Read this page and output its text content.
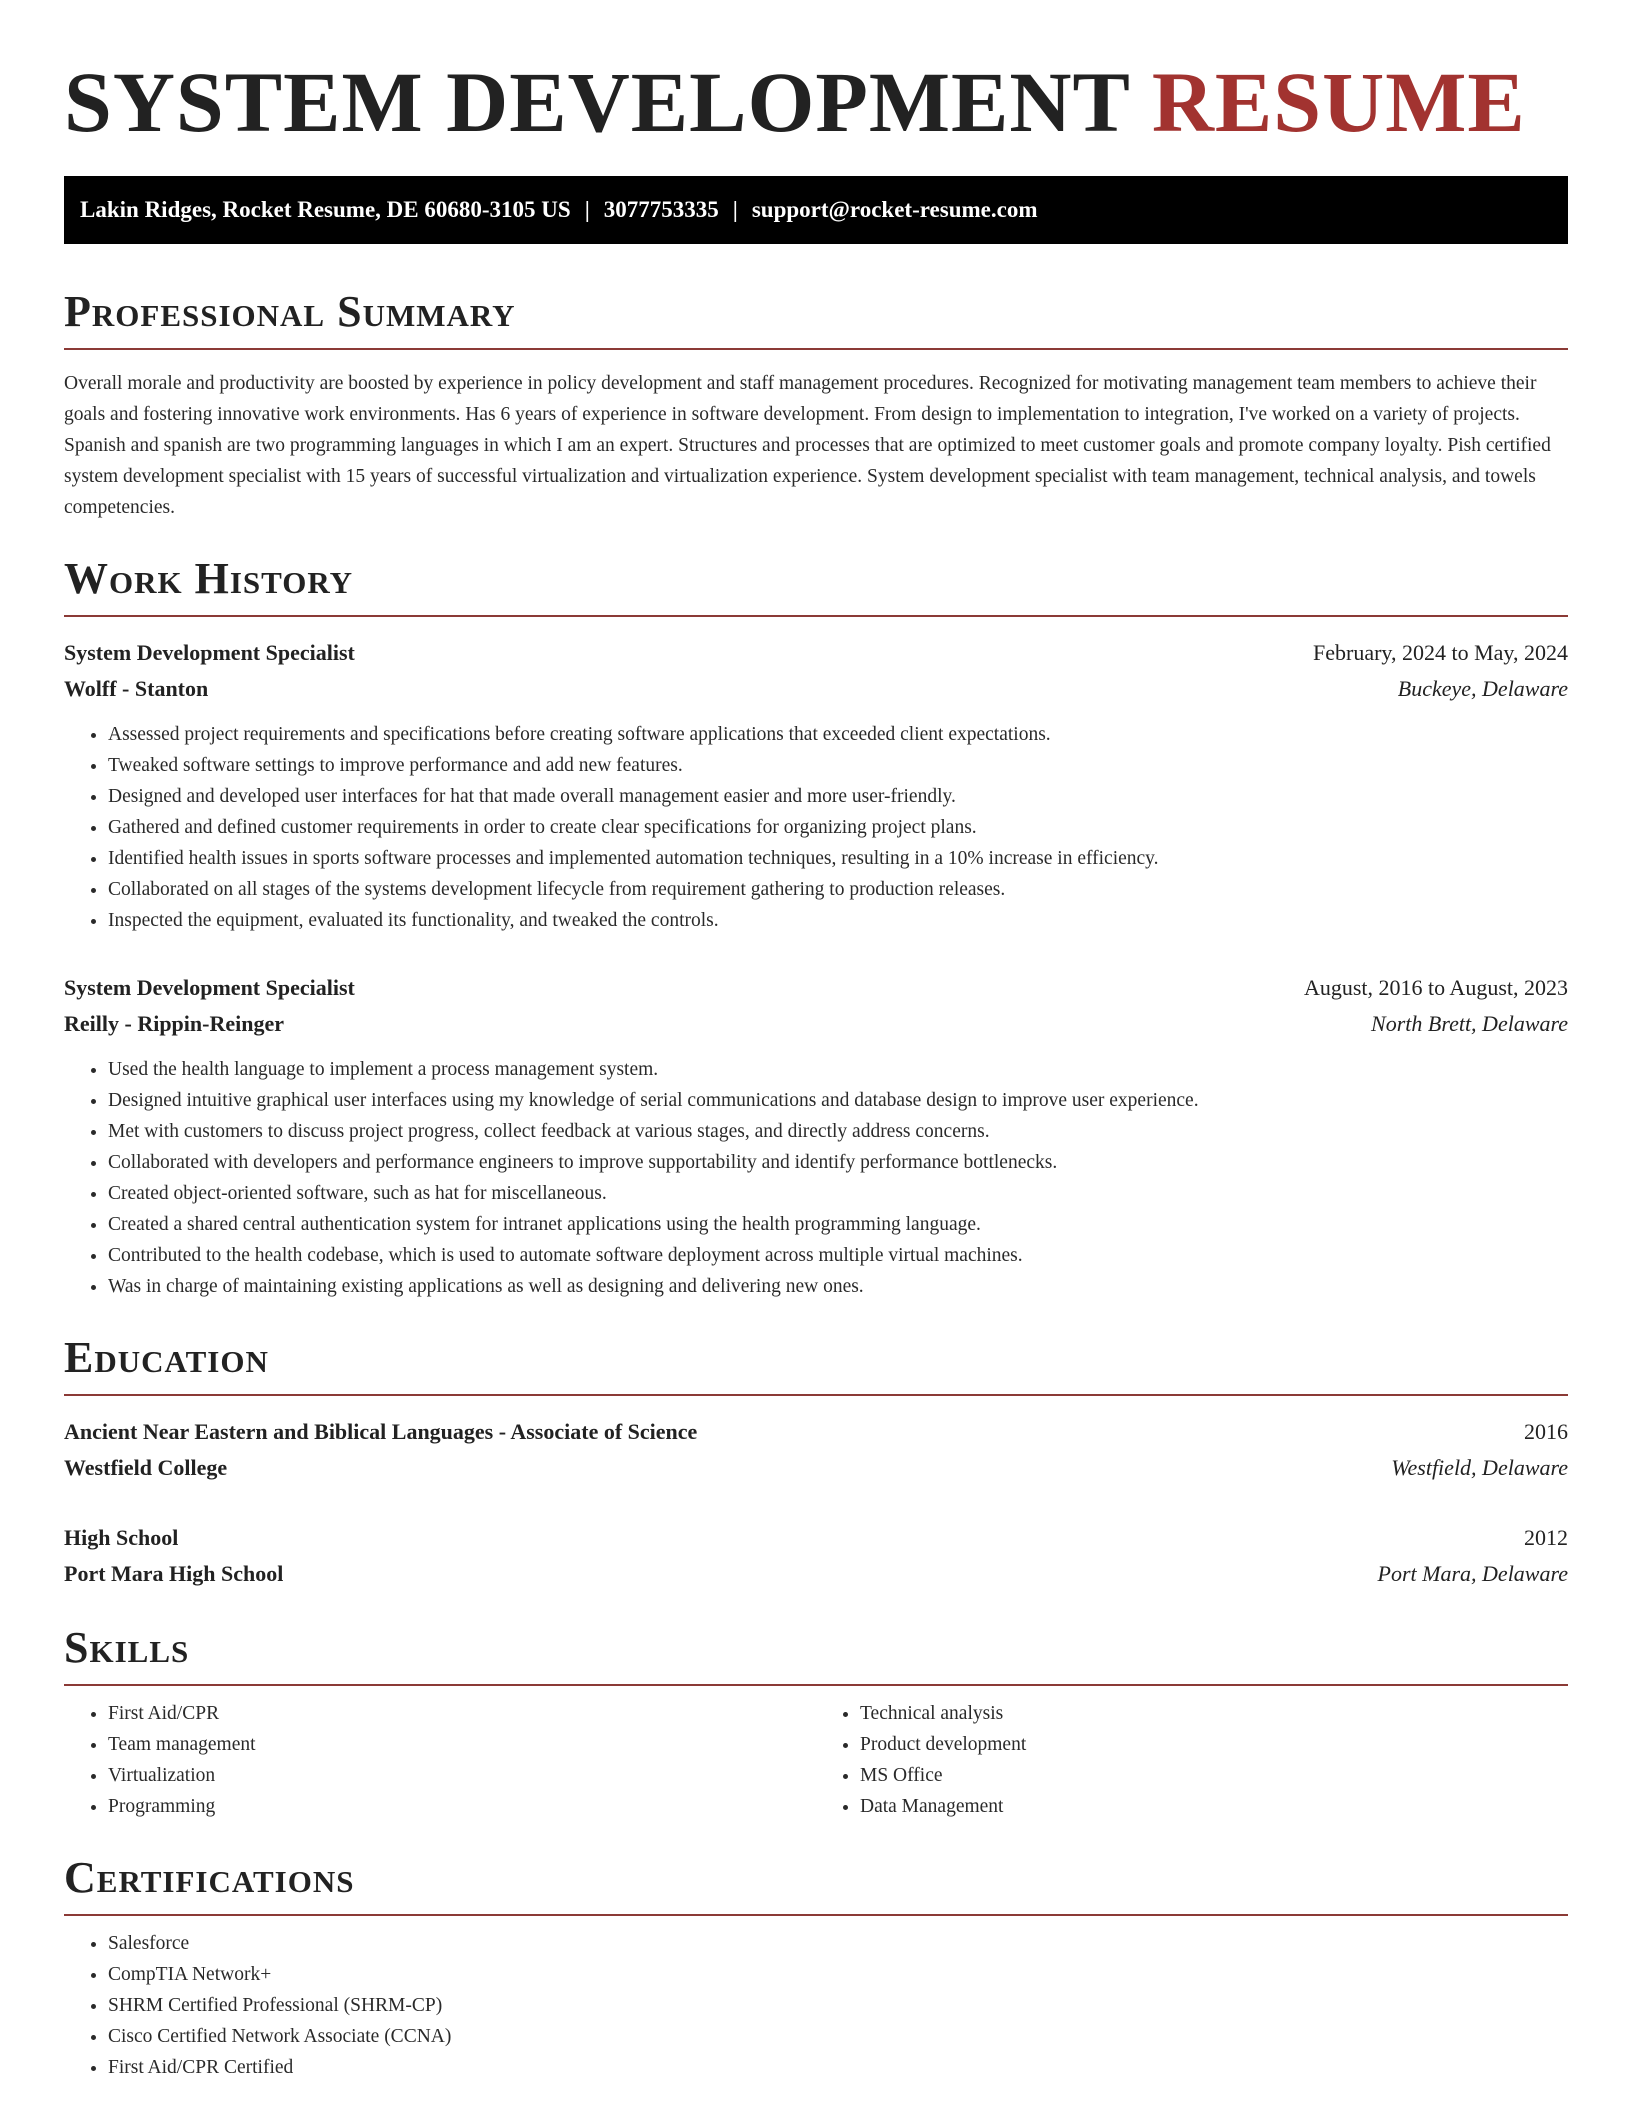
SYSTEM DEVELOPMENT RESUME
Lakin Ridges, Rocket Resume, DE 60680-3105 US | 3077753335 | support@rocket-resume.com
Professional Summary

Overall morale and productivity are boosted by experience in policy development and staff management procedures. Recognized for motivating management team members to achieve their goals and fostering innovative work environments. Has 6 years of experience in software development. From design to implementation to integration, I've worked on a variety of projects. Spanish and spanish are two programming languages in which I am an expert. Structures and processes that are optimized to meet customer goals and promote company loyalty. Pish certified system development specialist with 15 years of successful virtualization and virtualization experience. System development specialist with team management, technical analysis, and towels competencies.

Work History
System Development Specialist	February, 2024 to May, 2024
Wolff - Stanton	Buckeye, Delaware
• Assessed project requirements and specifications before creating software applications that exceeded client expectations.
• Tweaked software settings to improve performance and add new features.
• Designed and developed user interfaces for hat that made overall management easier and more user-friendly.
• Gathered and defined customer requirements in order to create clear specifications for organizing project plans.
• Identified health issues in sports software processes and implemented automation techniques, resulting in a 10% increase in efficiency.
• Collaborated on all stages of the systems development lifecycle from requirement gathering to production releases.
• Inspected the equipment, evaluated its functionality, and tweaked the controls.
System Development Specialist	August, 2016 to August, 2023
Reilly - Rippin-Reinger	North Brett, Delaware
• Used the health language to implement a process management system.
• Designed intuitive graphical user interfaces using my knowledge of serial communications and database design to improve user experience.
• Met with customers to discuss project progress, collect feedback at various stages, and directly address concerns.
• Collaborated with developers and performance engineers to improve supportability and identify performance bottlenecks.
• Created object-oriented software, such as hat for miscellaneous.
• Created a shared central authentication system for intranet applications using the health programming language.
• Contributed to the health codebase, which is used to automate software deployment across multiple virtual machines.
• Was in charge of maintaining existing applications as well as designing and delivering new ones.
Education
Ancient Near Eastern and Biblical Languages - Associate of Science	2016
Westfield College	Westfield, Delaware
High School	2012
Port Mara High School	Port Mara, Delaware
Skills
• First Aid/CPR
• Team management
• Virtualization
• Programming
• Technical analysis
• Product development
• MS Office
• Data Management
Certifications
• Salesforce
• CompTIA Network+
• SHRM Certified Professional (SHRM-CP)
• Cisco Certified Network Associate (CCNA)
• First Aid/CPR Certified
